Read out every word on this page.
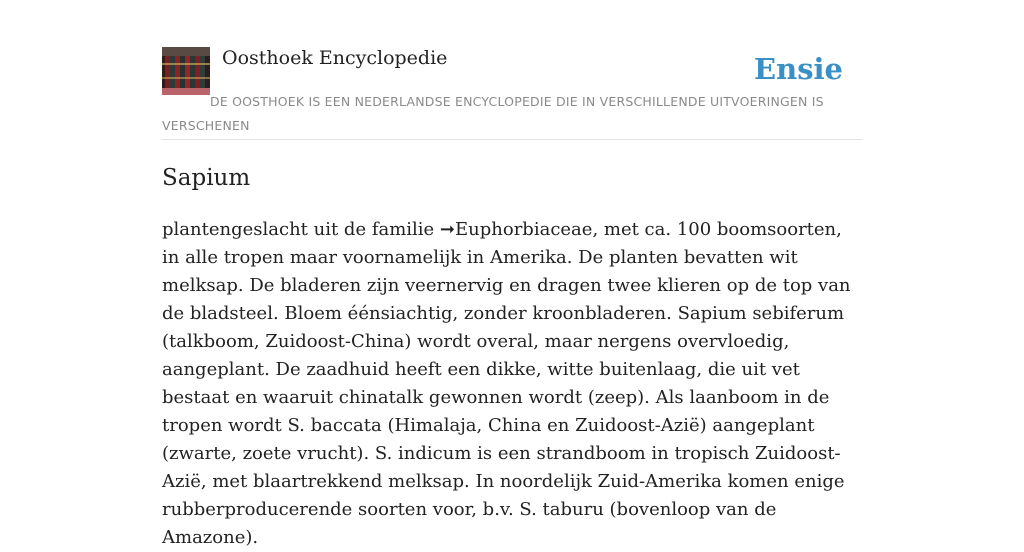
Oosthoek Encyclopedie	Ensie
DE OOSTHOEK IS EEN NEDERLANDSE ENCYCLOPEDIE DIE IN VERSCHILLENDE UITVOERINGEN IS VERSCHENEN
Sapium

plantengeslacht uit de familie ➞Euphorbiaceae, met ca. 100 boomsoorten, in alle tropen maar voornamelijk in Amerika. De planten bevatten wit melksap. De bladeren zijn veernervig en dragen twee klieren op de top van de bladsteel. Bloem éénsiachtig, zonder kroonbladeren. Sapium sebiferum (talkboom, Zuidoost-China) wordt overal, maar nergens overvloedig, aangeplant. De zaadhuid heeft een dikke, witte buitenlaag, die uit vet bestaat en waaruit chinatalk gewonnen wordt (zeep). Als laanboom in de tropen wordt S. baccata (Himalaja, China en Zuidoost-Azië) aangeplant (zwarte, zoete vrucht). S. indicum is een strandboom in tropisch Zuidoost-Azië, met blaartrekkend melksap. In noordelijk Zuid-Amerika komen enige rubberproducerende soorten voor, b.v. S. taburu (bovenloop van de Amazone).
